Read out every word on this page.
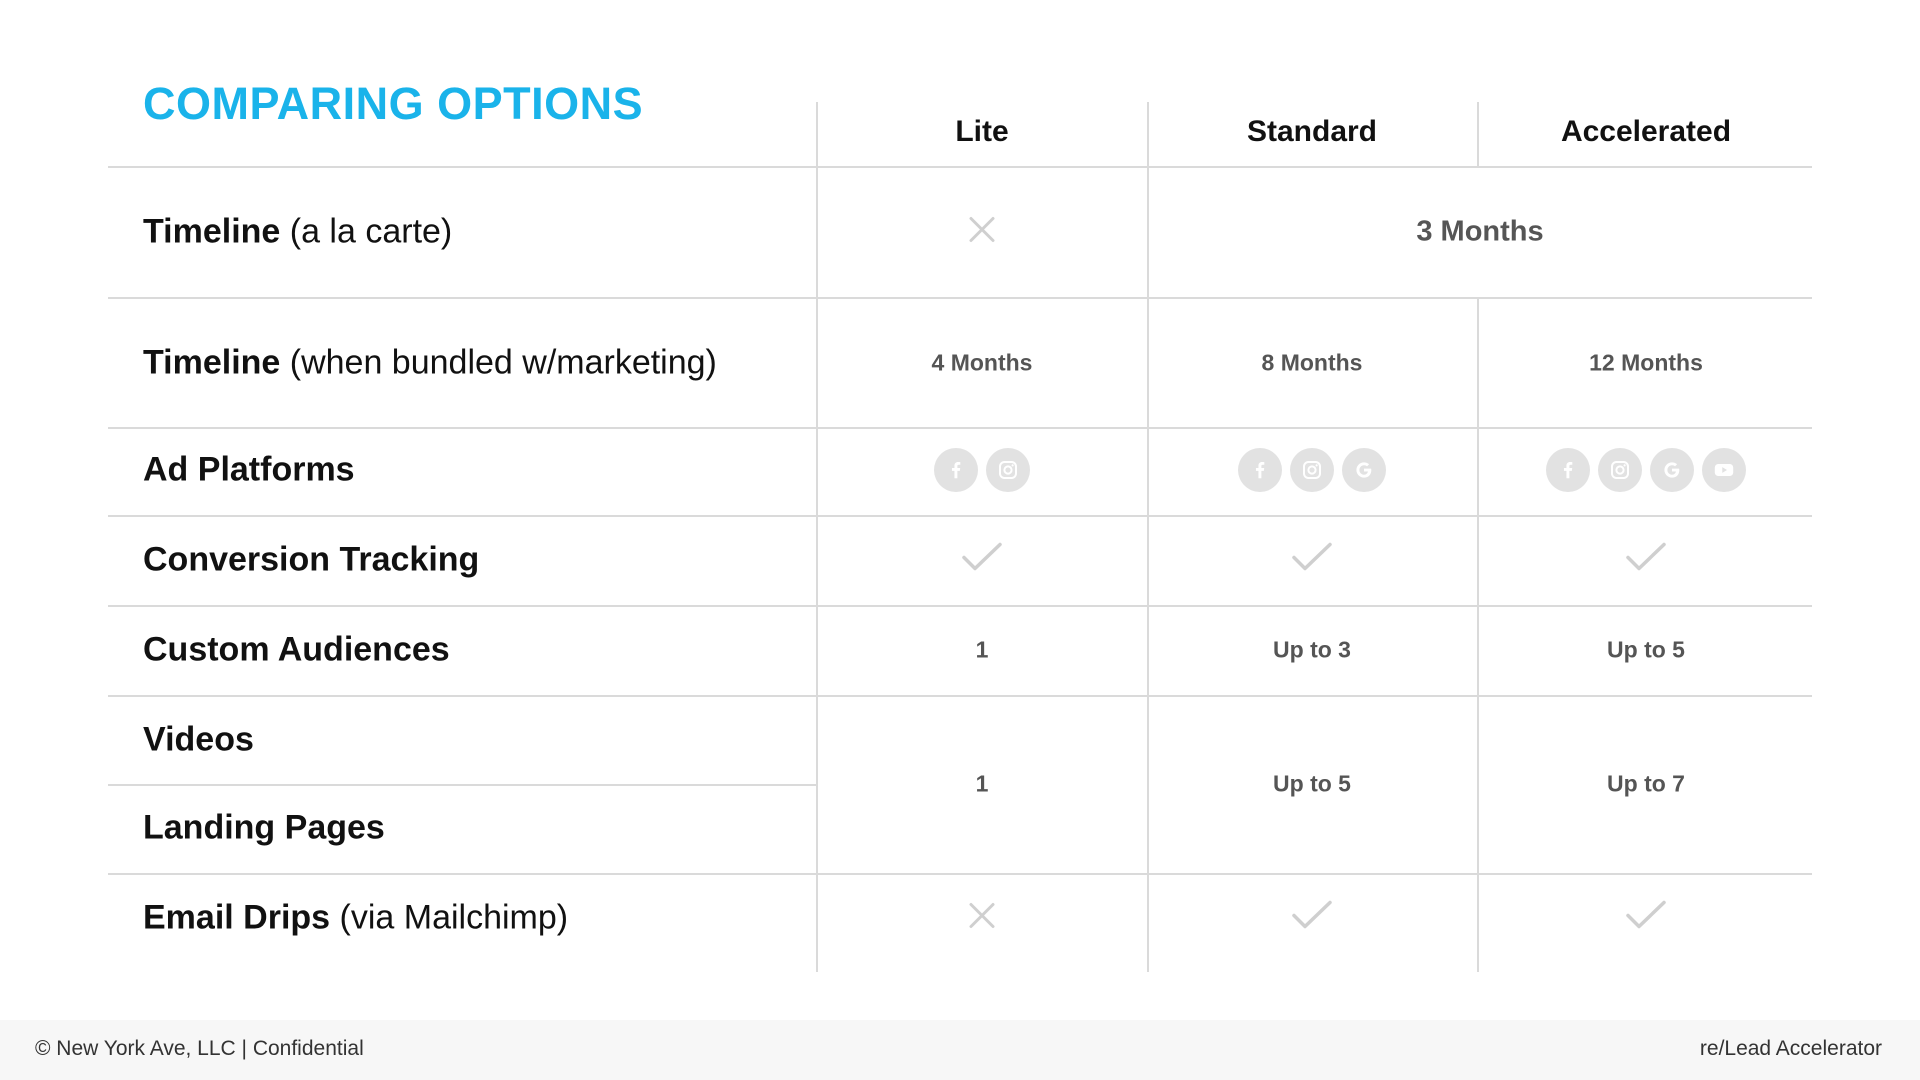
COMPARING OPTIONS
Lite	Standard	Accelerated
Timeline (a la carte)	3 Months
Timeline (when bundled w/marketing)	4 Months	8 Months	12 Months
Ad Platforms
Conversion Tracking
Custom Audiences	1	Up to 3	Up to 5
Videos
Landing Pages
1	Up to 5	Up to 7
Email Drips (via Mailchimp)
© New York Ave, LLC | Confidential	re/Lead Accelerator
